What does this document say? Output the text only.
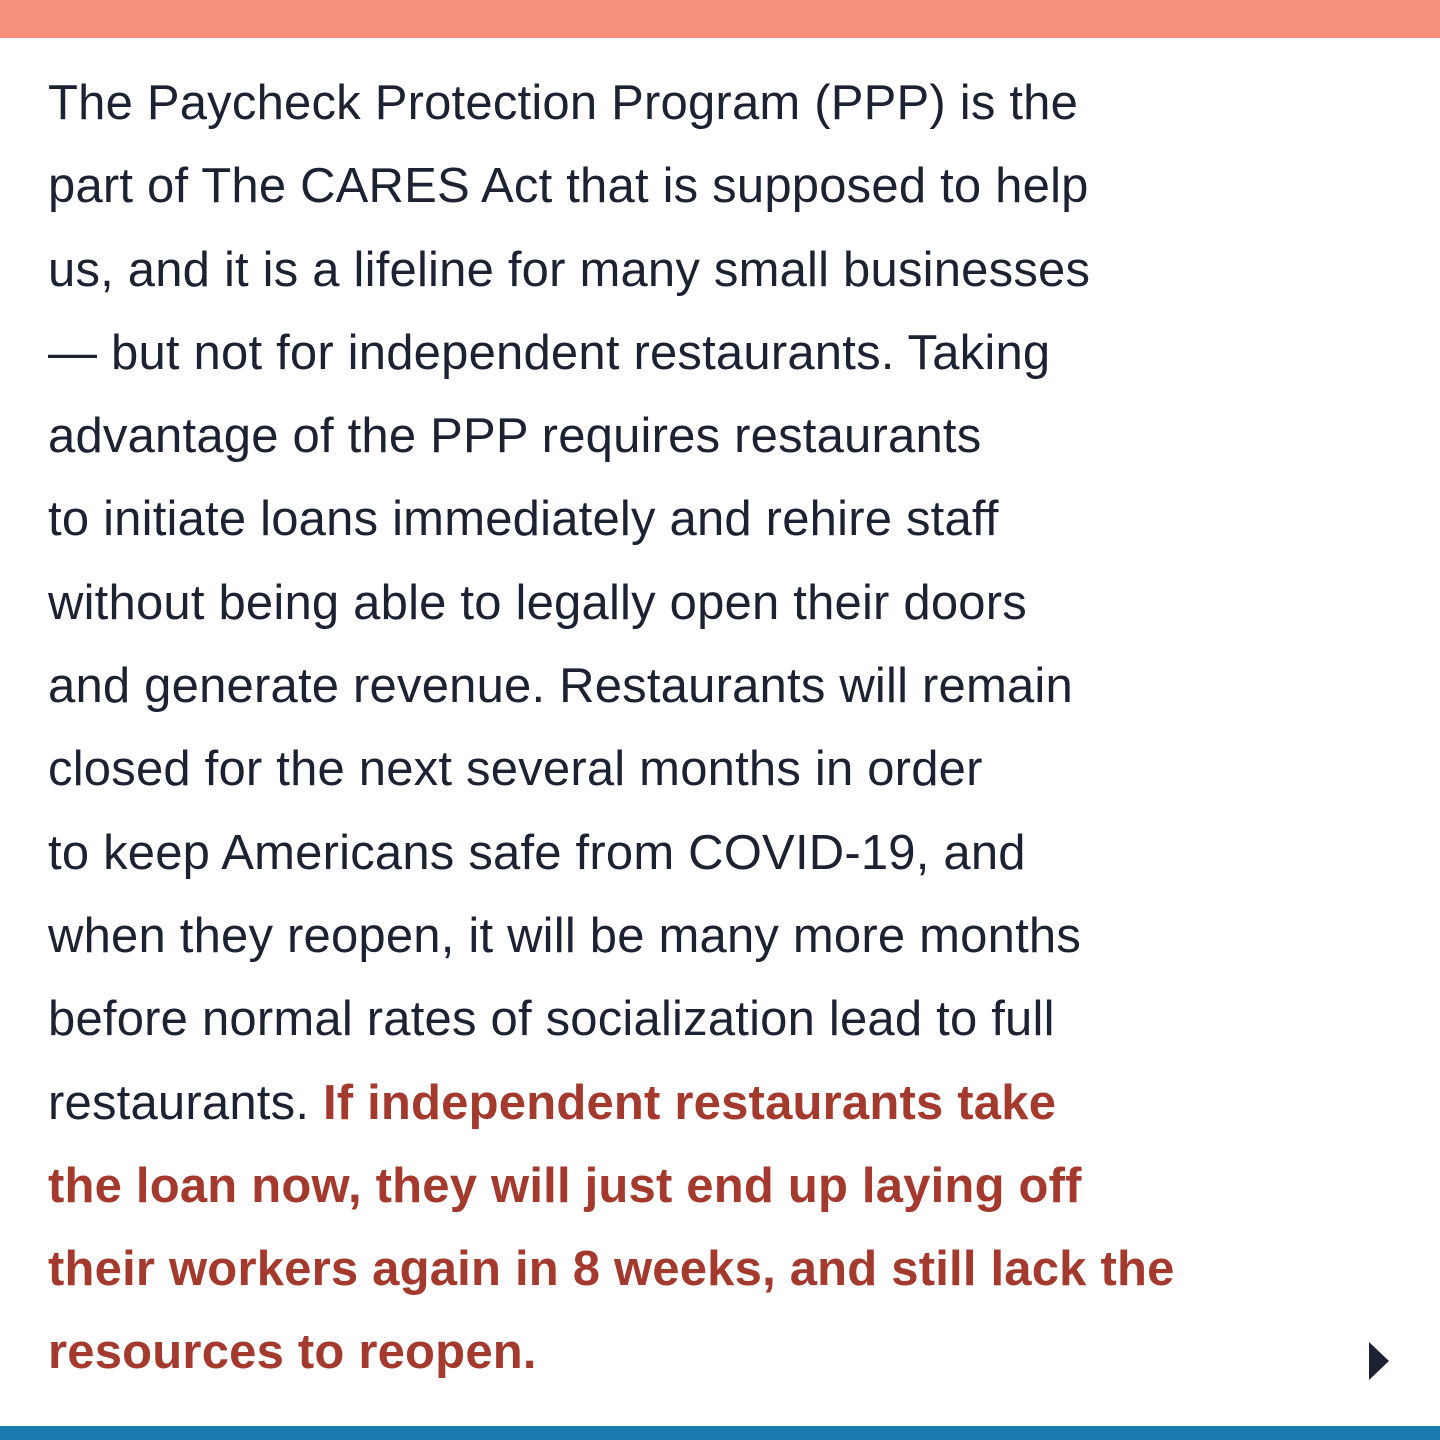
The Paycheck Protection Program (PPP) is the
part of The CARES Act that is supposed to help
us, and it is a lifeline for many small businesses
— but not for independent restaurants. Taking
advantage of the PPP requires restaurants
to initiate loans immediately and rehire staff
without being able to legally open their doors
and generate revenue. Restaurants will remain
closed for the next several months in order
to keep Americans safe from COVID-19, and
when they reopen, it will be many more months
before normal rates of socialization lead to full
restaurants. If independent restaurants take
the loan now, they will just end up laying off
their workers again in 8 weeks, and still lack the
resources to reopen.
